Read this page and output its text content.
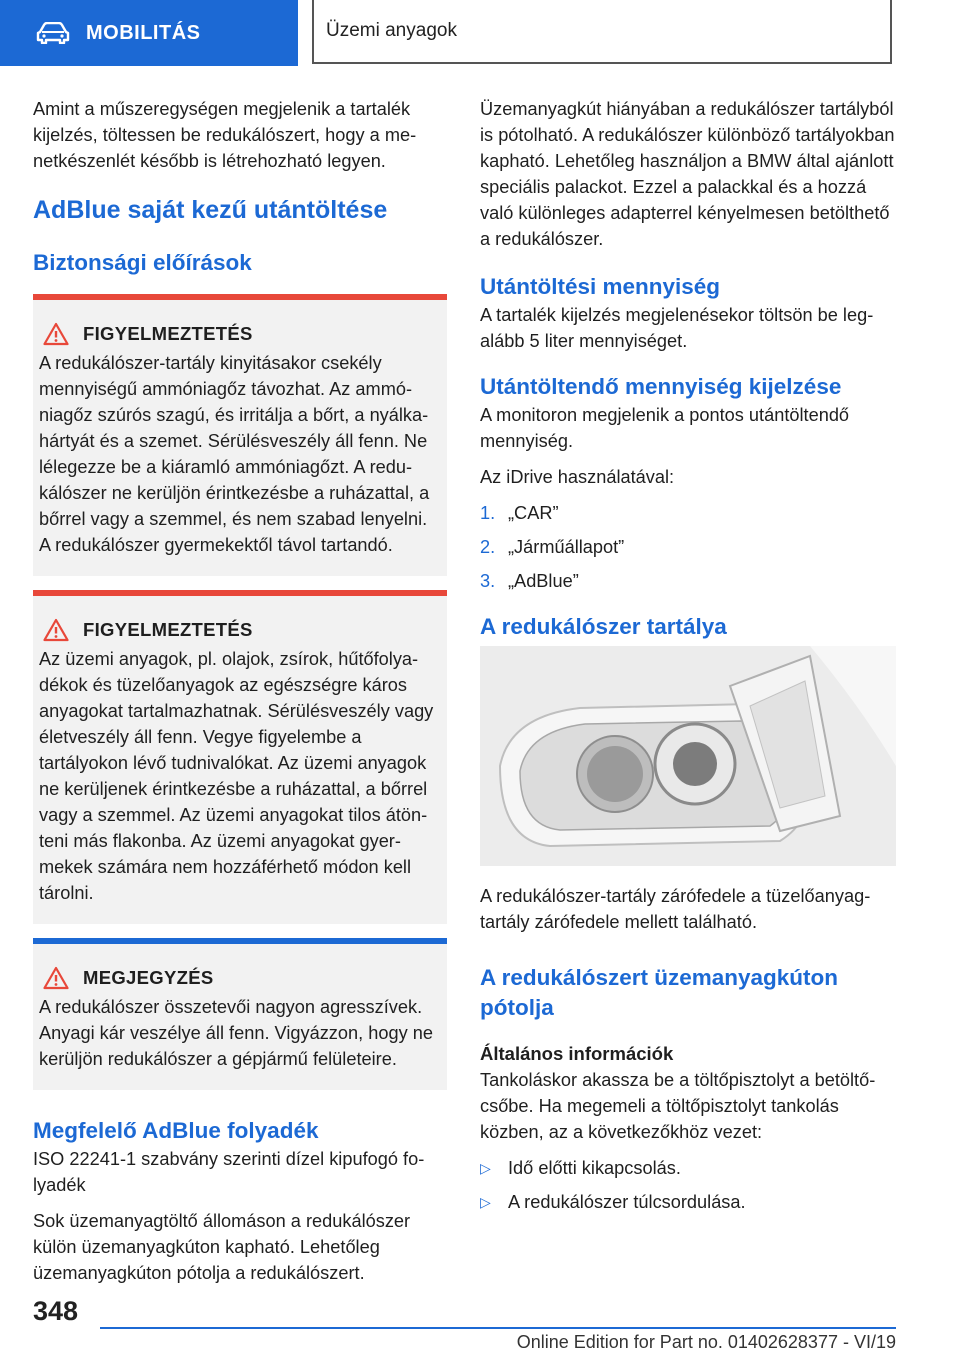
MOBILITÁS	Üzemi anyagok

Amint a műszeregységen megjelenik a tartalék kijelzés, töltessen be redukálószert, hogy a menetkészenlét később is létrehozható legyen.

AdBlue saját kezű utántöltése
Biztonsági előírások
FIGYELMEZTETÉS

A redukálószer-tartály kinyitásakor csekély mennyiségű ammóniagőz távozhat. Az ammóniagőz szúrós szagú, és irritálja a bőrt, a nyálkahártyát és a szemet. Sérülésveszély áll fenn. Ne lélegezze be a kiáramló ammóniagőzt. A redukálószer ne kerüljön érintkezésbe a ruházattal, a bőrrel vagy a szemmel, és nem szabad lenyelni. A redukálószer gyermekektől távol tartandó.

FIGYELMEZTETÉS

Az üzemi anyagok, pl. olajok, zsírok, hűtőfolyadékok és tüzelőanyagok az egészségre káros anyagokat tartalmazhatnak. Sérülésveszély vagy életveszély áll fenn. Vegye figyelembe a tartályokon lévő tudnivalókat. Az üzemi anyagok ne kerüljenek érintkezésbe a ruházattal, a bőrrel vagy a szemmel. Az üzemi anyagokat tilos átönteni más flakonba. Az üzemi anyagokat gyermekek számára nem hozzáférhető módon kell tárolni.

MEGJEGYZÉS

A redukálószer összetevői nagyon agresszívek. Anyagi kár veszélye áll fenn. Vigyázzon, hogy ne kerüljön redukálószer a gépjármű felületeire.

Megfelelő AdBlue folyadék

ISO 22241-1 szabvány szerinti dízel kipufogó folyadék

Sok üzemanyagtöltő állomáson a redukálószer külön üzemanyagkúton kapható. Lehetőleg üzemanyagkúton pótolja a redukálószert.

Üzemanyagkút hiányában a redukálószer tartályból is pótolható. A redukálószer különböző tartályokban kapható. Lehetőleg használjon a BMW által ajánlott speciális palackot. Ezzel a palackkal és a hozzá való különleges adapterrel kényelmesen betölthető a redukálószer.

Utántöltési mennyiség

A tartalék kijelzés megjelenésekor töltsön be legalább 5 liter mennyiséget.

Utántöltendő mennyiség kijelzése

A monitoron megjelenik a pontos utántöltendő mennyiség.

Az iDrive használatával:

1. „CAR”
2. „Járműállapot”
3. „AdBlue”
A redukálószer tartálya

A redukálószer-tartály zárófedele a tüzelőanyagtartály zárófedele mellett található.

A redukálószert üzemanyagkúton pótolja
Általános információk

Tankoláskor akassza be a töltőpisztolyt a betöltőcsőbe. Ha megemeli a töltőpisztolyt tankolás közben, az a következőkhöz vezet:

▷ Idő előtti kikapcsolás.
▷ A redukálószer túlcsordulása.
348
Online Edition for Part no. 01402628377 - VI/19
